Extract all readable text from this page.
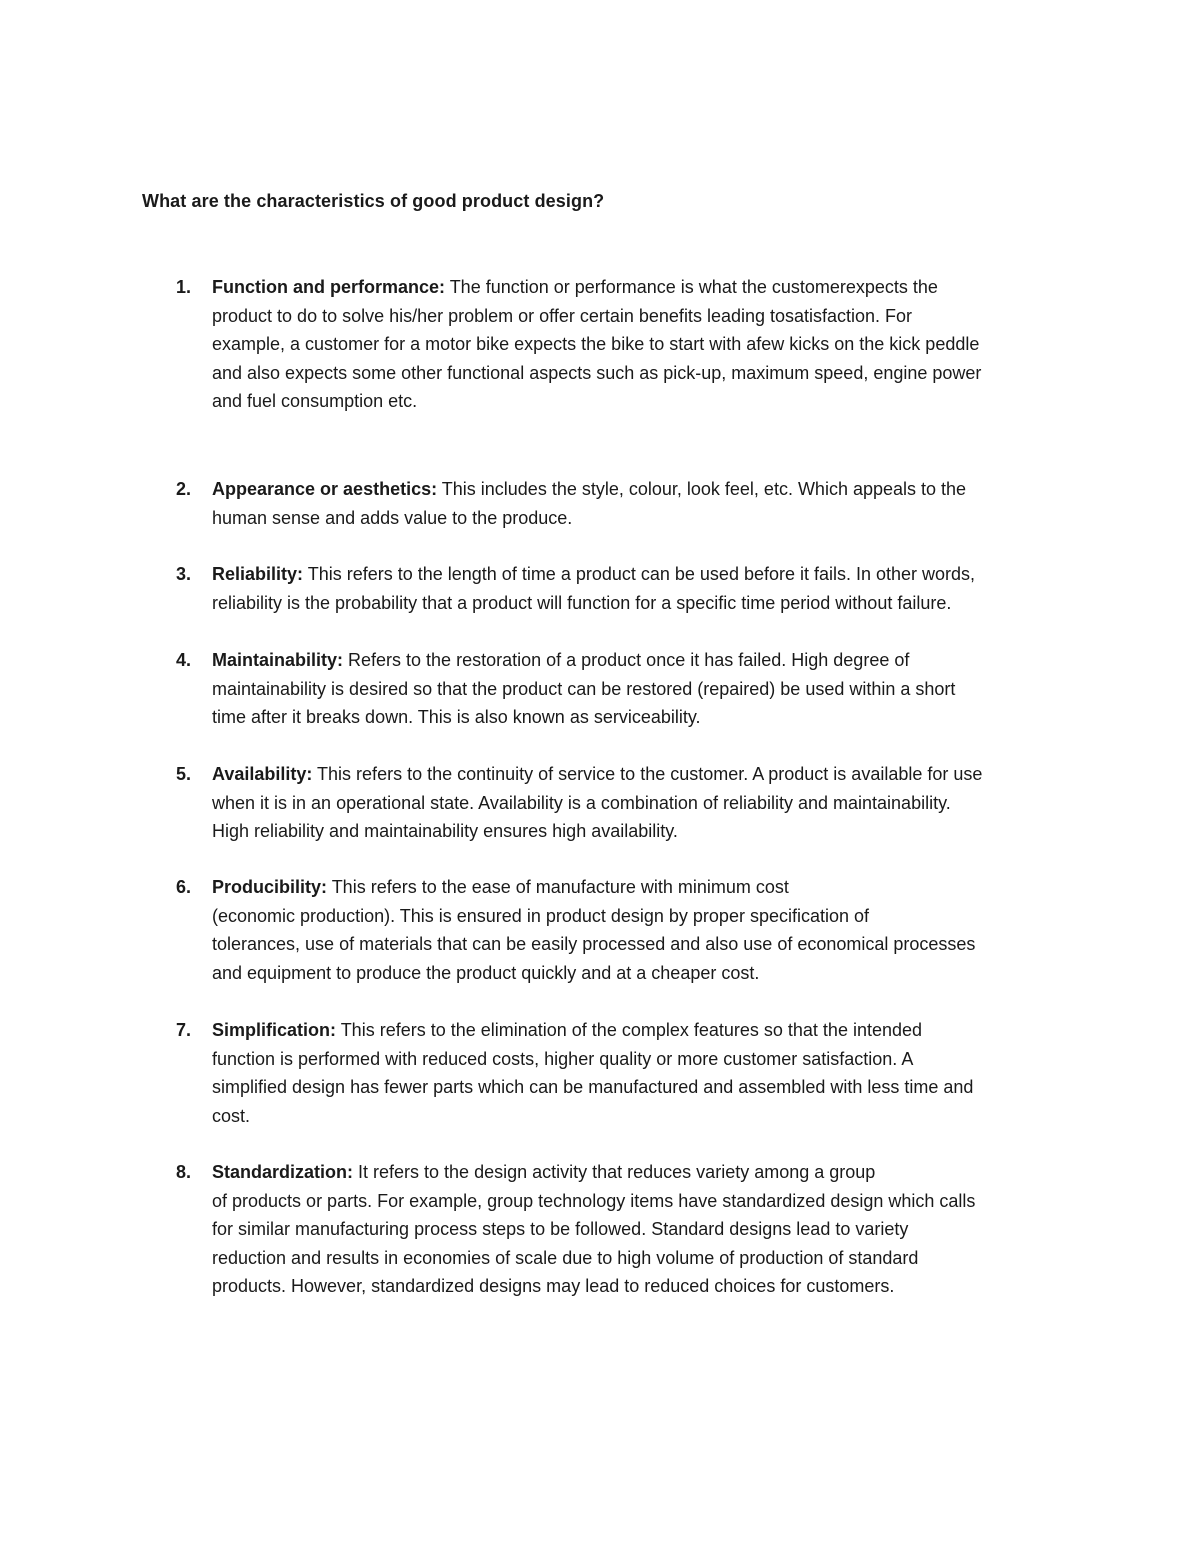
What are the characteristics of good product design?
1. Function and performance: The function or performance is what the customerexpects the
product to do to solve his/her problem or offer certain benefits leading tosatisfaction. For
example, a customer for a motor bike expects the bike to start with afew kicks on the kick peddle
and also expects some other functional aspects such as pick-up, maximum speed, engine power
and fuel consumption etc.

2. Appearance or aesthetics: This includes the style, colour, look feel, etc. Which appeals to the
human sense and adds value to the produce.

3. Reliability: This refers to the length of time a product can be used before it fails. In other words,
reliability is the probability that a product will function for a specific time period without failure.

4. Maintainability: Refers to the restoration of a product once it has failed. High degree of
maintainability is desired so that the product can be restored (repaired) be used within a short
time after it breaks down. This is also known as serviceability.

5. Availability: This refers to the continuity of service to the customer. A product is available for use
when it is in an operational state. Availability is a combination of reliability and maintainability.
High reliability and maintainability ensures high availability.

6. Producibility: This refers to the ease of manufacture with minimum cost
(economic production). This is ensured in product design by proper specification of
tolerances, use of materials that can be easily processed and also use of economical processes
and equipment to produce the product quickly and at a cheaper cost.

7. Simplification: This refers to the elimination of the complex features so that the intended
function is performed with reduced costs, higher quality or more customer satisfaction. A
simplified design has fewer parts which can be manufactured and assembled with less time and
cost.

8. Standardization: It refers to the design activity that reduces variety among a group
of products or parts. For example, group technology items have standardized design which calls
for similar manufacturing process steps to be followed. Standard designs lead to variety
reduction and results in economies of scale due to high volume of production of standard
products. However, standardized designs may lead to reduced choices for customers.
